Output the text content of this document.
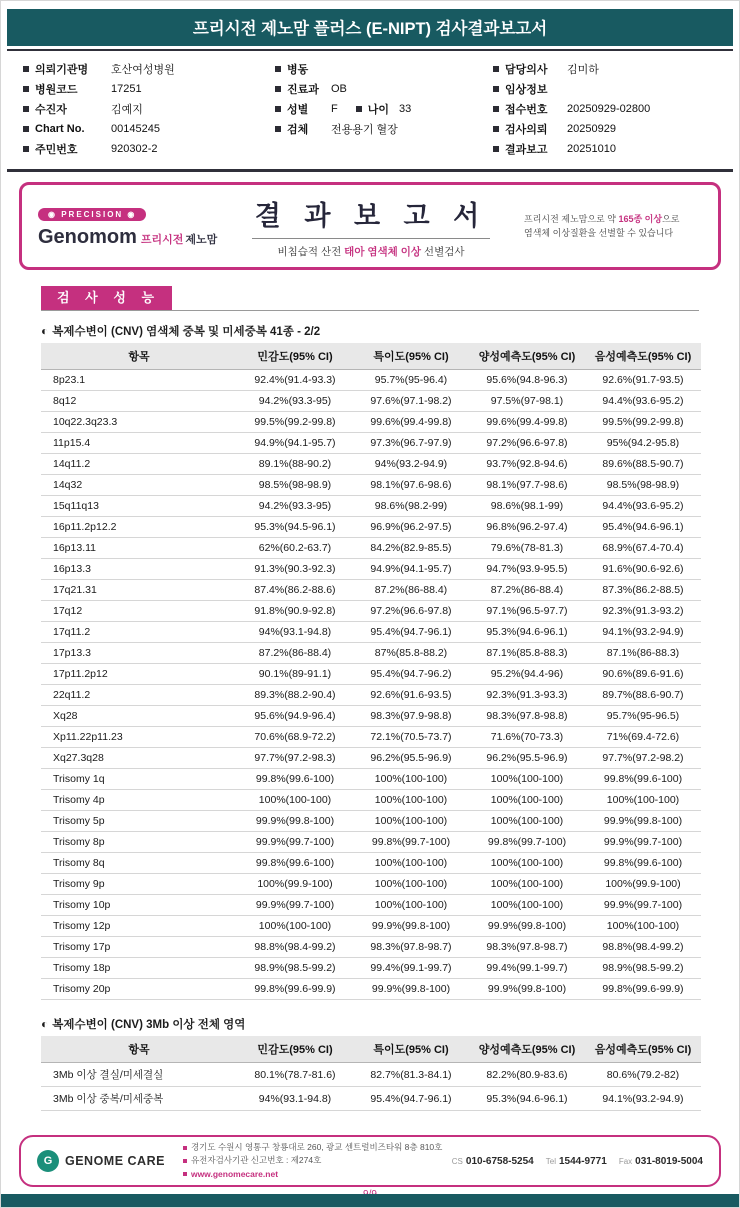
프리시전 제노맘 플러스 (E-NIPT) 검사결과보고서
의뢰기관명	호산여성병원
병원코드	17251
수진자	김예지
Chart No.	00145245
주민번호	920302-2
병동
진료과	OB
성별	F	나이 33
검체	전용용기 혈장
담당의사	김미하
임상정보
접수번호	20250929-02800
검사의뢰	20250929
결과보고	20251010
◉ PRECISION ◉
Genomom 프리시전 제노맘
결 과 보 고 서
비침습적 산전 태아 염색체 이상 선별검사
프리시전 제노맘으로 약 165종 이상으로
염색체 이상질환을 선별할 수 있습니다
검 사 성 능
◐ 복제수변이 (CNV) 염색체 중복 및 미세중복 41종 - 2/2
항목	민감도(95% CI)	특이도(95% CI)	양성예측도(95% CI)	음성예측도(95% CI)
8p23.1	92.4%(91.4-93.3)	95.7%(95-96.4)	95.6%(94.8-96.3)	92.6%(91.7-93.5)
8q12	94.2%(93.3-95)	97.6%(97.1-98.2)	97.5%(97-98.1)	94.4%(93.6-95.2)
10q22.3q23.3	99.5%(99.2-99.8)	99.6%(99.4-99.8)	99.6%(99.4-99.8)	99.5%(99.2-99.8)
11p15.4	94.9%(94.1-95.7)	97.3%(96.7-97.9)	97.2%(96.6-97.8)	95%(94.2-95.8)
14q11.2	89.1%(88-90.2)	94%(93.2-94.9)	93.7%(92.8-94.6)	89.6%(88.5-90.7)
14q32	98.5%(98-98.9)	98.1%(97.6-98.6)	98.1%(97.7-98.6)	98.5%(98-98.9)
15q11q13	94.2%(93.3-95)	98.6%(98.2-99)	98.6%(98.1-99)	94.4%(93.6-95.2)
16p11.2p12.2	95.3%(94.5-96.1)	96.9%(96.2-97.5)	96.8%(96.2-97.4)	95.4%(94.6-96.1)
16p13.11	62%(60.2-63.7)	84.2%(82.9-85.5)	79.6%(78-81.3)	68.9%(67.4-70.4)
16p13.3	91.3%(90.3-92.3)	94.9%(94.1-95.7)	94.7%(93.9-95.5)	91.6%(90.6-92.6)
17q21.31	87.4%(86.2-88.6)	87.2%(86-88.4)	87.2%(86-88.4)	87.3%(86.2-88.5)
17q12	91.8%(90.9-92.8)	97.2%(96.6-97.8)	97.1%(96.5-97.7)	92.3%(91.3-93.2)
17q11.2	94%(93.1-94.8)	95.4%(94.7-96.1)	95.3%(94.6-96.1)	94.1%(93.2-94.9)
17p13.3	87.2%(86-88.4)	87%(85.8-88.2)	87.1%(85.8-88.3)	87.1%(86-88.3)
17p11.2p12	90.1%(89-91.1)	95.4%(94.7-96.2)	95.2%(94.4-96)	90.6%(89.6-91.6)
22q11.2	89.3%(88.2-90.4)	92.6%(91.6-93.5)	92.3%(91.3-93.3)	89.7%(88.6-90.7)
Xq28	95.6%(94.9-96.4)	98.3%(97.9-98.8)	98.3%(97.8-98.8)	95.7%(95-96.5)
Xp11.22p11.23	70.6%(68.9-72.2)	72.1%(70.5-73.7)	71.6%(70-73.3)	71%(69.4-72.6)
Xq27.3q28	97.7%(97.2-98.3)	96.2%(95.5-96.9)	96.2%(95.5-96.9)	97.7%(97.2-98.2)
Trisomy 1q	99.8%(99.6-100)	100%(100-100)	100%(100-100)	99.8%(99.6-100)
Trisomy 4p	100%(100-100)	100%(100-100)	100%(100-100)	100%(100-100)
Trisomy 5p	99.9%(99.8-100)	100%(100-100)	100%(100-100)	99.9%(99.8-100)
Trisomy 8p	99.9%(99.7-100)	99.8%(99.7-100)	99.8%(99.7-100)	99.9%(99.7-100)
Trisomy 8q	99.8%(99.6-100)	100%(100-100)	100%(100-100)	99.8%(99.6-100)
Trisomy 9p	100%(99.9-100)	100%(100-100)	100%(100-100)	100%(99.9-100)
Trisomy 10p	99.9%(99.7-100)	100%(100-100)	100%(100-100)	99.9%(99.7-100)
Trisomy 12p	100%(100-100)	99.9%(99.8-100)	99.9%(99.8-100)	100%(100-100)
Trisomy 17p	98.8%(98.4-99.2)	98.3%(97.8-98.7)	98.3%(97.8-98.7)	98.8%(98.4-99.2)
Trisomy 18p	98.9%(98.5-99.2)	99.4%(99.1-99.7)	99.4%(99.1-99.7)	98.9%(98.5-99.2)
Trisomy 20p	99.8%(99.6-99.9)	99.9%(99.8-100)	99.9%(99.8-100)	99.8%(99.6-99.9)
◐ 복제수변이 (CNV) 3Mb 이상 전체 영역
항목	민감도(95% CI)	특이도(95% CI)	양성예측도(95% CI)	음성예측도(95% CI)
3Mb 이상 결실/미세결실	80.1%(78.7-81.6)	82.7%(81.3-84.1)	82.2%(80.9-83.6)	80.6%(79.2-82)
3Mb 이상 중복/미세중복	94%(93.1-94.8)	95.4%(94.7-96.1)	95.3%(94.6-96.1)	94.1%(93.2-94.9)
G	GENOME CARE
경기도 수원시 영통구 창룡대로 260, 광교 센트럴비즈타워 8층 810호
유전자검사기관 신고번호 : 제274호
www.genomecare.net
CS 010-6758-5254 Tel 1544-9771 Fax 031-8019-5004
